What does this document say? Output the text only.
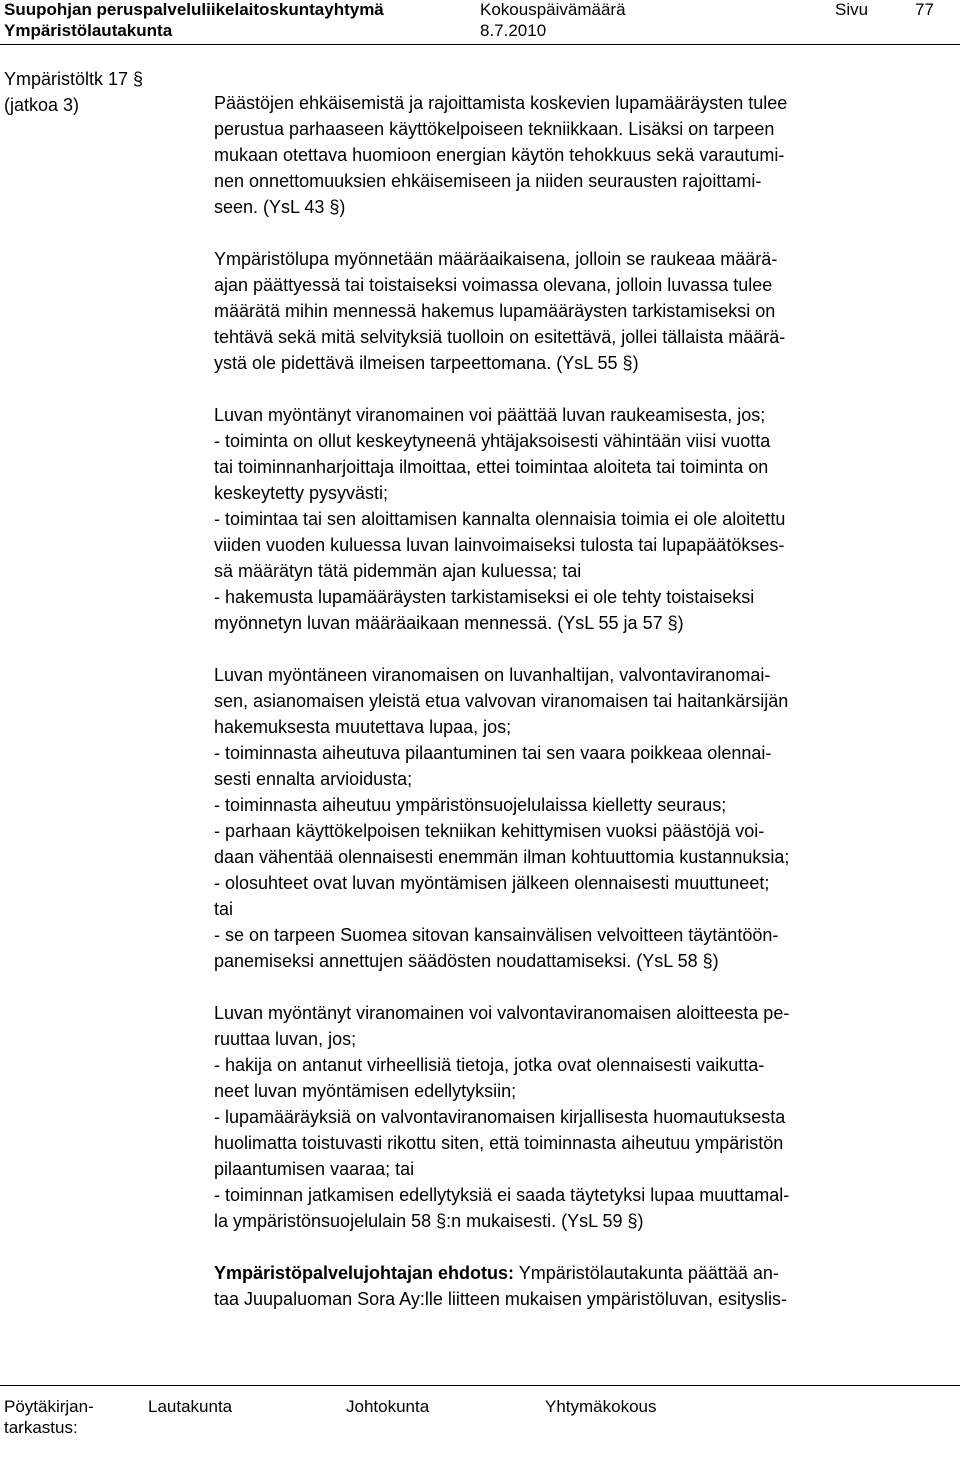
Suupohjan peruspalveluliikelaitoskuntayhtymä
Ympäristölautakunta
Kokouspäivämäärä
8.7.2010
Sivu	77
Ympäristöltk 17 §
(jatkoa 3)	Päästöjen ehkäisemistä ja rajoittamista koskevien lupamääräysten tulee
perustua parhaaseen käyttökelpoiseen tekniikkaan. Lisäksi on tarpeen
mukaan otettava huomioon energian käytön tehokkuus sekä varautumi-
nen onnettomuuksien ehkäisemiseen ja niiden seurausten rajoittami-
seen. (YsL 43 §)
Ympäristölupa myönnetään määräaikaisena, jolloin se raukeaa määrä-
ajan päättyessä tai toistaiseksi voimassa olevana, jolloin luvassa tulee
määrätä mihin mennessä hakemus lupamääräysten tarkistamiseksi on
tehtävä sekä mitä selvityksiä tuolloin on esitettävä, jollei tällaista määrä-
ystä ole pidettävä ilmeisen tarpeettomana. (YsL 55 §)
Luvan myöntänyt viranomainen voi päättää luvan raukeamisesta, jos;
- toiminta on ollut keskeytyneenä yhtäjaksoisesti vähintään viisi vuotta
tai toiminnanharjoittaja ilmoittaa, ettei toimintaa aloiteta tai toiminta on
keskeytetty pysyvästi;
- toimintaa tai sen aloittamisen kannalta olennaisia toimia ei ole aloitettu
viiden vuoden kuluessa luvan lainvoimaiseksi tulosta tai lupapäätökses-
sä määrätyn tätä pidemmän ajan kuluessa; tai
- hakemusta lupamääräysten tarkistamiseksi ei ole tehty toistaiseksi
myönnetyn luvan määräaikaan mennessä. (YsL 55 ja 57 §)
Luvan myöntäneen viranomaisen on luvanhaltijan, valvontaviranomai-
sen, asianomaisen yleistä etua valvovan viranomaisen tai haitankärsijän
hakemuksesta muutettava lupaa, jos;
- toiminnasta aiheutuva pilaantuminen tai sen vaara poikkeaa olennai-
sesti ennalta arvioidusta;
- toiminnasta aiheutuu ympäristönsuojelulaissa kielletty seuraus;
- parhaan käyttökelpoisen tekniikan kehittymisen vuoksi päästöjä voi-
daan vähentää olennaisesti enemmän ilman kohtuuttomia kustannuksia;
- olosuhteet ovat luvan myöntämisen jälkeen olennaisesti muuttuneet;
tai
- se on tarpeen Suomea sitovan kansainvälisen velvoitteen täytäntöön-
panemiseksi annettujen säädösten noudattamiseksi. (YsL 58 §)
Luvan myöntänyt viranomainen voi valvontaviranomaisen aloitteesta pe-
ruuttaa luvan, jos;
- hakija on antanut virheellisiä tietoja, jotka ovat olennaisesti vaikutta-
neet luvan myöntämisen edellytyksiin;
- lupamääräyksiä on valvontaviranomaisen kirjallisesta huomautuksesta
huolimatta toistuvasti rikottu siten, että toiminnasta aiheutuu ympäristön
pilaantumisen vaaraa; tai
- toiminnan jatkamisen edellytyksiä ei saada täytetyksi lupaa muuttamal-
la ympäristönsuojelulain 58 §:n mukaisesti. (YsL 59 §)
Ympäristöpalvelujohtajan ehdotus: Ympäristölautakunta päättää an-
taa Juupaluoman Sora Ay:lle liitteen mukaisen ympäristöluvan, esityslis-
Pöytäkirjan-
tarkastus:
Lautakunta	Johtokunta	Yhtymäkokous
